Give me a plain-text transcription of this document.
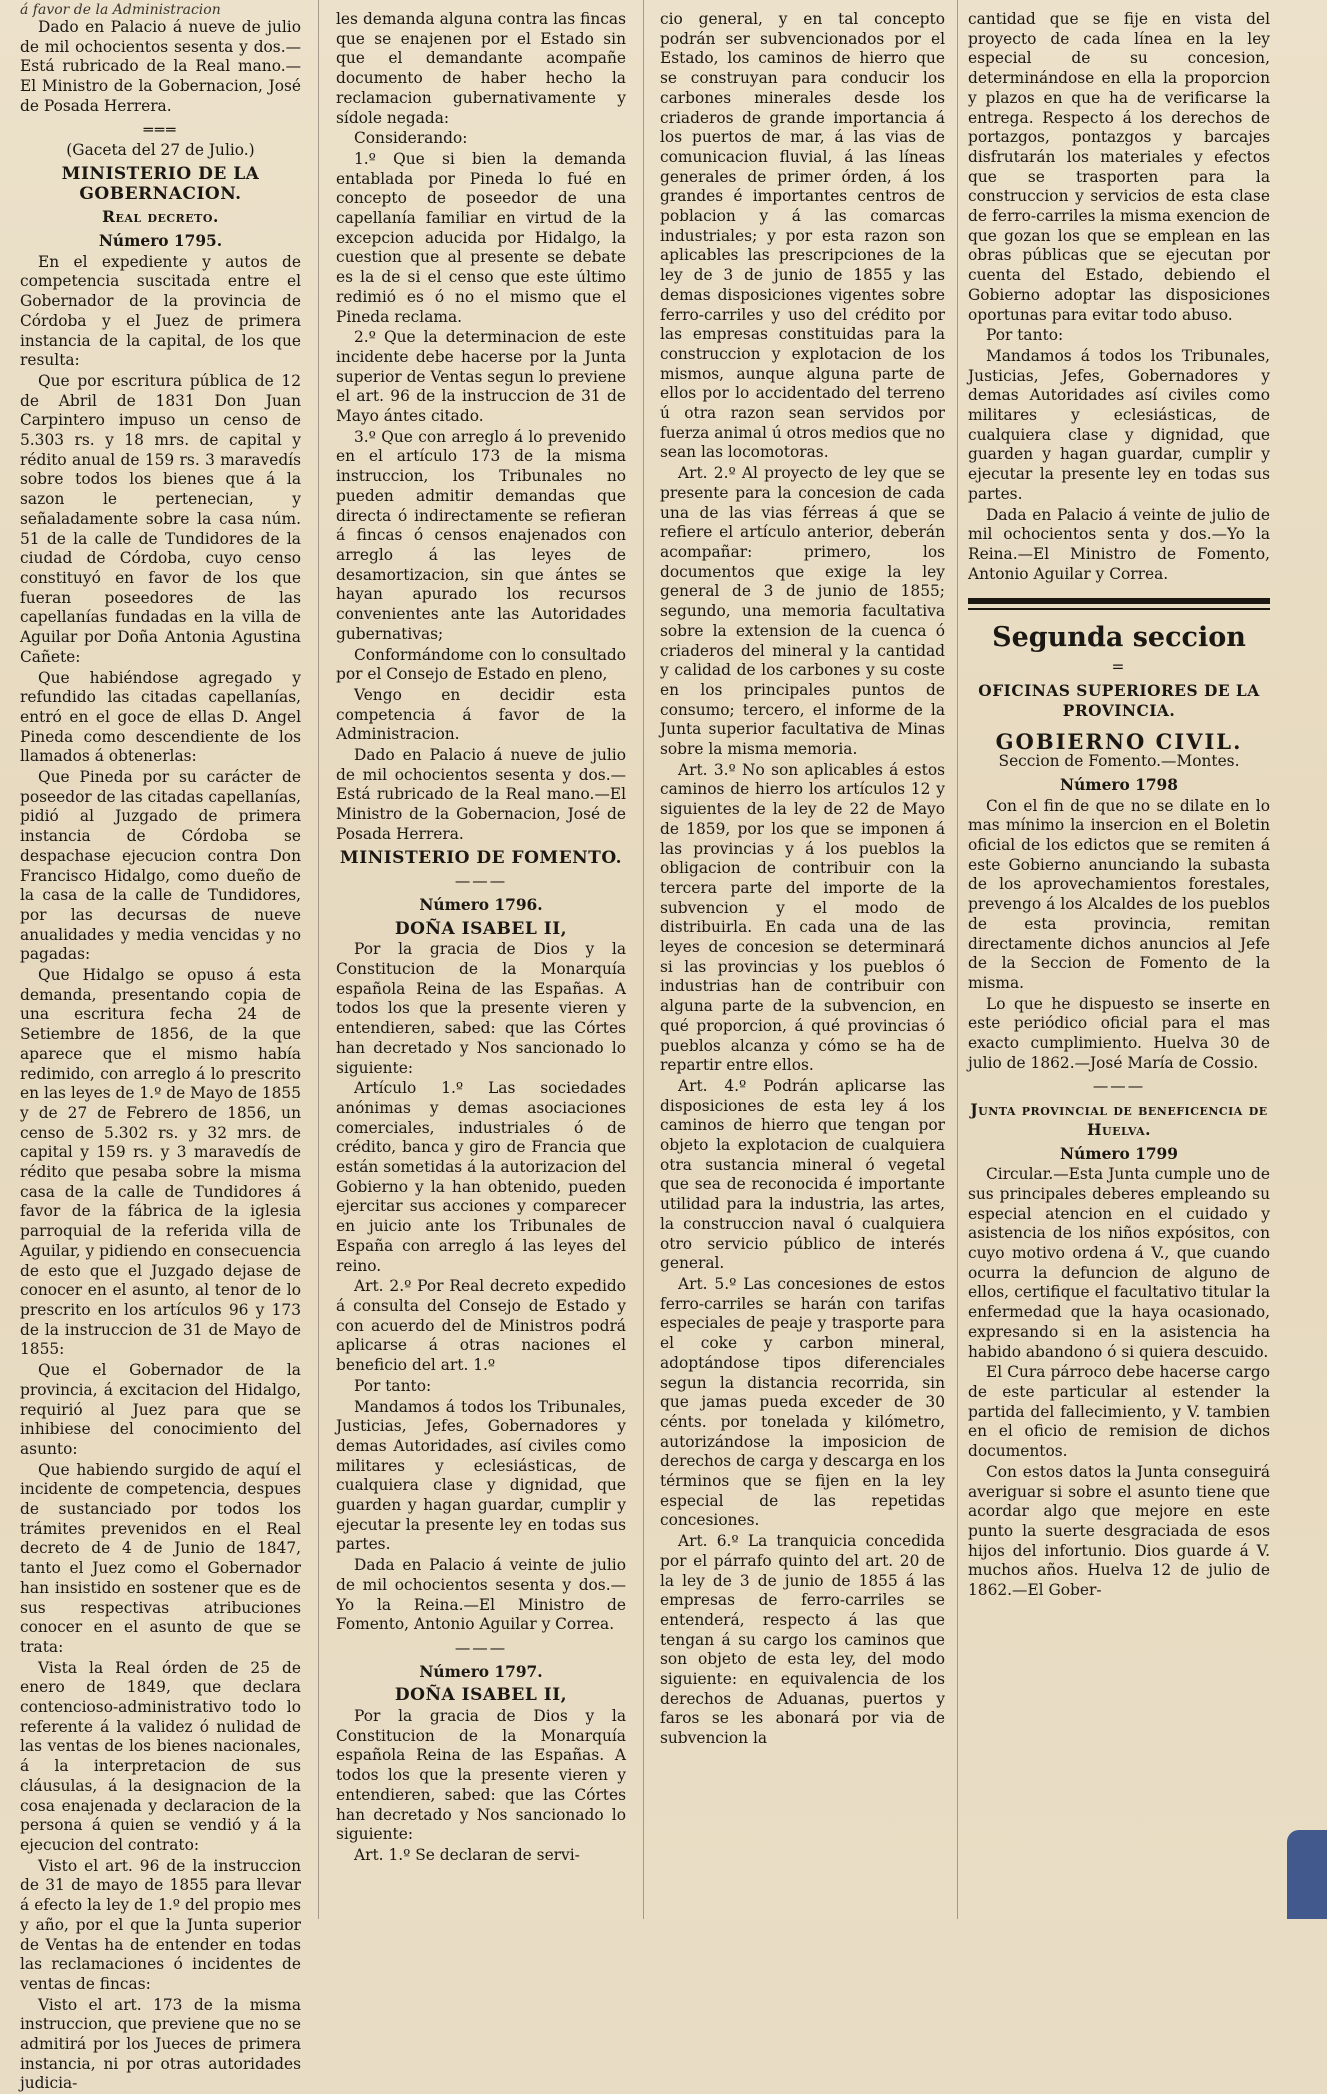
á favor de la Administracion

Dado en Palacio á nueve de julio de mil ochocientos sesenta y dos.—Está rubricado de la Real mano.—El Ministro de la Gobernacion, José de Posada Herrera.

═══

(Gaceta del 27 de Julio.)

MINISTERIO DE LA GOBERNACION.

Real decreto.

Número 1795.

En el expediente y autos de competencia suscitada entre el Gobernador de la provincia de Córdoba y el Juez de primera instancia de la capital, de los que resulta:

Que por escritura pública de 12 de Abril de 1831 Don Juan Carpintero impuso un censo de 5.303 rs. y 18 mrs. de capital y rédito anual de 159 rs. 3 maravedís sobre todos los bienes que á la sazon le pertenecian, y señaladamente sobre la casa núm. 51 de la calle de Tundidores de la ciudad de Córdoba, cuyo censo constituyó en favor de los que fueran poseedores de las capellanías fundadas en la villa de Aguilar por Doña Antonia Agustina Cañete:

Que habiéndose agregado y refundido las citadas capellanías, entró en el goce de ellas D. Angel Pineda como descendiente de los llamados á obtenerlas:

Que Pineda por su carácter de poseedor de las citadas capellanías, pidió al Juzgado de primera instancia de Córdoba se despachase ejecucion contra Don Francisco Hidalgo, como dueño de la casa de la calle de Tundidores, por las decursas de nueve anualidades y media vencidas y no pagadas:

Que Hidalgo se opuso á esta demanda, presentando copia de una escritura fecha 24 de Setiembre de 1856, de la que aparece que el mismo había redimido, con arreglo á lo prescrito en las leyes de 1.º de Mayo de 1855 y de 27 de Febrero de 1856, un censo de 5.302 rs. y 32 mrs. de capital y 159 rs. y 3 maravedís de rédito que pesaba sobre la misma casa de la calle de Tundidores á favor de la fábrica de la iglesia parroquial de la referida villa de Aguilar, y pidiendo en consecuencia de esto que el Juzgado dejase de conocer en el asunto, al tenor de lo prescrito en los artículos 96 y 173 de la instruccion de 31 de Mayo de 1855:

Que el Gobernador de la provincia, á excitacion del Hidalgo, requirió al Juez para que se inhibiese del conocimiento del asunto:

Que habiendo surgido de aquí el incidente de competencia, despues de sustanciado por todos los trámites prevenidos en el Real decreto de 4 de Junio de 1847, tanto el Juez como el Gobernador han insistido en sostener que es de sus respectivas atribuciones conocer en el asunto de que se trata:

Vista la Real órden de 25 de enero de 1849, que declara contencioso-administrativo todo lo referente á la validez ó nulidad de las ventas de los bienes nacionales, á la interpretacion de sus cláusulas, á la designacion de la cosa enajenada y declaracion de la persona á quien se vendió y á la ejecucion del contrato:

Visto el art. 96 de la instruccion de 31 de mayo de 1855 para llevar á efecto la ley de 1.º del propio mes y año, por el que la Junta superior de Ventas ha de entender en todas las reclamaciones ó incidentes de ventas de fincas:

Visto el art. 173 de la misma instruccion, que previene que no se admitirá por los Jueces de primera instancia, ni por otras autoridades judicia-

les demanda alguna contra las fincas que se enajenen por el Estado sin que el demandante acompañe documento de haber hecho la reclamacion gubernativamente y sídole negada:

Considerando:

1.º Que si bien la demanda entablada por Pineda lo fué en concepto de poseedor de una capellanía familiar en virtud de la excepcion aducida por Hidalgo, la cuestion que al presente se debate es la de si el censo que este último redimió es ó no el mismo que el Pineda reclama.

2.º Que la determinacion de este incidente debe hacerse por la Junta superior de Ventas segun lo previene el art. 96 de la instruccion de 31 de Mayo ántes citado.

3.º Que con arreglo á lo prevenido en el artículo 173 de la misma instruccion, los Tribunales no pueden admitir demandas que directa ó indirectamente se refieran á fincas ó censos enajenados con arreglo á las leyes de desamortizacion, sin que ántes se hayan apurado los recursos convenientes ante las Autoridades gubernativas;

Conformándome con lo consultado por el Consejo de Estado en pleno,

Vengo en decidir esta competencia á favor de la Administracion.

Dado en Palacio á nueve de julio de mil ochocientos sesenta y dos.—Está rubricado de la Real mano.—El Ministro de la Gobernacion, José de Posada Herrera.

MINISTERIO DE FOMENTO.

———

Número 1796.

DOÑA ISABEL II,

Por la gracia de Dios y la Constitucion de la Monarquía española Reina de las Españas. A todos los que la presente vieren y entendieren, sabed: que las Córtes han decretado y Nos sancionado lo siguiente:

Artículo 1.º Las sociedades anónimas y demas asociaciones comerciales, industriales ó de crédito, banca y giro de Francia que están sometidas á la autorizacion del Gobierno y la han obtenido, pueden ejercitar sus acciones y comparecer en juicio ante los Tribunales de España con arreglo á las leyes del reino.

Art. 2.º Por Real decreto expedido á consulta del Consejo de Estado y con acuerdo del de Ministros podrá aplicarse á otras naciones el beneficio del art. 1.º

Por tanto:

Mandamos á todos los Tribunales, Justicias, Jefes, Gobernadores y demas Autoridades, así civiles como militares y eclesiásticas, de cualquiera clase y dignidad, que guarden y hagan guardar, cumplir y ejecutar la presente ley en todas sus partes.

Dada en Palacio á veinte de julio de mil ochocientos sesenta y dos.—Yo la Reina.—El Ministro de Fomento, Antonio Aguilar y Correa.

———

Número 1797.

DOÑA ISABEL II,

Por la gracia de Dios y la Constitucion de la Monarquía española Reina de las Españas. A todos los que la presente vieren y entendieren, sabed: que las Córtes han decretado y Nos sancionado lo siguiente:

Art. 1.º Se declaran de servi-

cio general, y en tal concepto podrán ser subvencionados por el Estado, los caminos de hierro que se construyan para conducir los carbones minerales desde los criaderos de grande importancia á los puertos de mar, á las vias de comunicacion fluvial, á las líneas generales de primer órden, á los grandes é importantes centros de poblacion y á las comarcas industriales; y por esta razon son aplicables las prescripciones de la ley de 3 de junio de 1855 y las demas disposiciones vigentes sobre ferro-carriles y uso del crédito por las empresas constituidas para la construccion y explotacion de los mismos, aunque alguna parte de ellos por lo accidentado del terreno ú otra razon sean servidos por fuerza animal ú otros medios que no sean las locomotoras.

Art. 2.º Al proyecto de ley que se presente para la concesion de cada una de las vias férreas á que se refiere el artículo anterior, deberán acompañar: primero, los documentos que exige la ley general de 3 de junio de 1855; segundo, una memoria facultativa sobre la extension de la cuenca ó criaderos del mineral y la cantidad y calidad de los carbones y su coste en los principales puntos de consumo; tercero, el informe de la Junta superior facultativa de Minas sobre la misma memoria.

Art. 3.º No son aplicables á estos caminos de hierro los artículos 12 y siguientes de la ley de 22 de Mayo de 1859, por los que se imponen á las provincias y á los pueblos la obligacion de contribuir con la tercera parte del importe de la subvencion y el modo de distribuirla. En cada una de las leyes de concesion se determinará si las provincias y los pueblos ó industrias han de contribuir con alguna parte de la subvencion, en qué proporcion, á qué provincias ó pueblos alcanza y cómo se ha de repartir entre ellos.

Art. 4.º Podrán aplicarse las disposiciones de esta ley á los caminos de hierro que tengan por objeto la explotacion de cualquiera otra sustancia mineral ó vegetal que sea de reconocida é importante utilidad para la industria, las artes, la construccion naval ó cualquiera otro servicio público de interés general.

Art. 5.º Las concesiones de estos ferro-carriles se harán con tarifas especiales de peaje y trasporte para el coke y carbon mineral, adoptándose tipos diferenciales segun la distancia recorrida, sin que jamas pueda exceder de 30 cénts. por tonelada y kilómetro, autorizándose la imposicion de derechos de carga y descarga en los términos que se fijen en la ley especial de las repetidas concesiones.

Art. 6.º La tranquicia concedida por el párrafo quinto del art. 20 de la ley de 3 de junio de 1855 á las empresas de ferro-carriles se entenderá, respecto á las que tengan á su cargo los caminos que son objeto de esta ley, del modo siguiente: en equivalencia de los derechos de Aduanas, puertos y faros se les abonará por via de subvencion la

cantidad que se fije en vista del proyecto de cada línea en la ley especial de su concesion, determinándose en ella la proporcion y plazos en que ha de verificarse la entrega. Respecto á los derechos de portazgos, pontazgos y barcajes disfrutarán los materiales y efectos que se trasporten para la construccion y servicios de esta clase de ferro-carriles la misma exencion de que gozan los que se emplean en las obras públicas que se ejecutan por cuenta del Estado, debiendo el Gobierno adoptar las disposiciones oportunas para evitar todo abuso.

Por tanto:

Mandamos á todos los Tribunales, Justicias, Jefes, Gobernadores y demas Autoridades así civiles como militares y eclesiásticas, de cualquiera clase y dignidad, que guarden y hagan guardar, cumplir y ejecutar la presente ley en todas sus partes.

Dada en Palacio á veinte de julio de mil ochocientos senta y dos.—Yo la Reina.—El Ministro de Fomento, Antonio Aguilar y Correa.

Segunda seccion

=

OFICINAS SUPERIORES DE LA PROVINCIA.

GOBIERNO CIVIL.

Seccion de Fomento.—Montes.

Número 1798

Con el fin de que no se dilate en lo mas mínimo la insercion en el Boletin oficial de los edictos que se remiten á este Gobierno anunciando la subasta de los aprovechamientos forestales, prevengo á los Alcaldes de los pueblos de esta provincia, remitan directamente dichos anuncios al Jefe de la Seccion de Fomento de la misma.

Lo que he dispuesto se inserte en este periódico oficial para el mas exacto cumplimiento. Huelva 30 de julio de 1862.—José María de Cossio.

———

Junta provincial de beneficencia de Huelva.

Número 1799

Circular.—Esta Junta cumple uno de sus principales deberes empleando su especial atencion en el cuidado y asistencia de los niños expósitos, con cuyo motivo ordena á V., que cuando ocurra la defuncion de alguno de ellos, certifique el facultativo titular la enfermedad que la haya ocasionado, expresando si en la asistencia ha habido abandono ó si quiera descuido.

El Cura párroco debe hacerse cargo de este particular al estender la partida del fallecimiento, y V. tambien en el oficio de remision de dichos documentos.

Con estos datos la Junta conseguirá averiguar si sobre el asunto tiene que acordar algo que mejore en este punto la suerte desgraciada de esos hijos del infortunio. Dios guarde á V. muchos años. Huelva 12 de julio de 1862.—El Gober-
